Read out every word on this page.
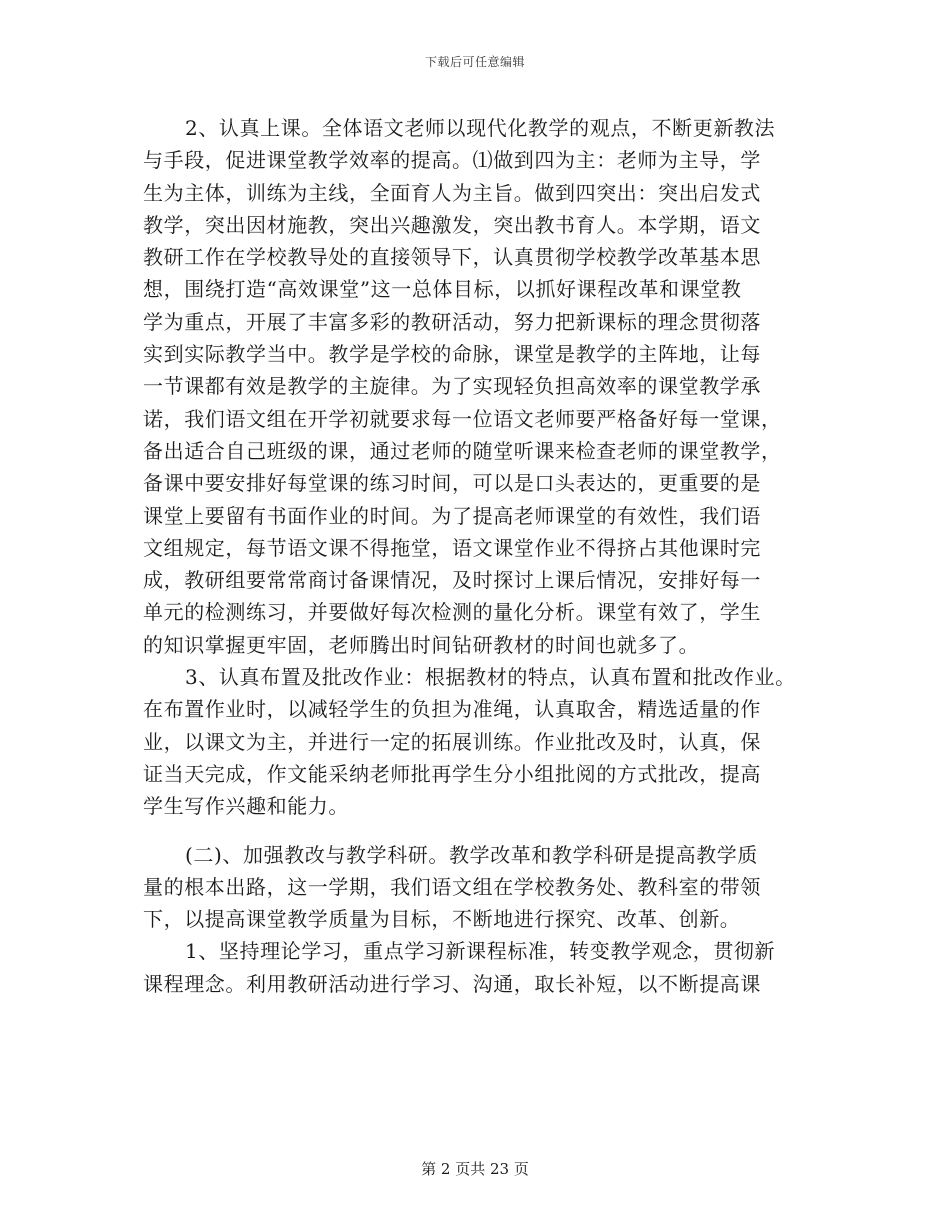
下载后可任意编辑
2、认真上课。全体语文老师以现代化教学的观点，不断更新教法
与手段，促进课堂教学效率的提高。⑴做到四为主：老师为主导，学
生为主体，训练为主线，全面育人为主旨。做到四突出：突出启发式
教学，突出因材施教，突出兴趣激发，突出教书育人。本学期，语文
教研工作在学校教导处的直接领导下，认真贯彻学校教学改革基本思
想，围绕打造“高效课堂”这一总体目标，以抓好课程改革和课堂教
学为重点，开展了丰富多彩的教研活动，努力把新课标的理念贯彻落
实到实际教学当中。教学是学校的命脉，课堂是教学的主阵地，让每
一节课都有效是教学的主旋律。为了实现轻负担高效率的课堂教学承
诺，我们语文组在开学初就要求每一位语文老师要严格备好每一堂课，
备出适合自己班级的课，通过老师的随堂听课来检查老师的课堂教学，
备课中要安排好每堂课的练习时间，可以是口头表达的，更重要的是
课堂上要留有书面作业的时间。为了提高老师课堂的有效性，我们语
文组规定，每节语文课不得拖堂，语文课堂作业不得挤占其他课时完
成，教研组要常常商讨备课情况，及时探讨上课后情况，安排好每一
单元的检测练习，并要做好每次检测的量化分析。课堂有效了，学生
的知识掌握更牢固，老师腾出时间钻研教材的时间也就多了。
3、认真布置及批改作业：根据教材的特点，认真布置和批改作业。
在布置作业时，以减轻学生的负担为准绳，认真取舍，精选适量的作
业，以课文为主，并进行一定的拓展训练。作业批改及时，认真，保
证当天完成，作文能采纳老师批再学生分小组批阅的方式批改，提高
学生写作兴趣和能力。
(二)、加强教改与教学科研。教学改革和教学科研是提高教学质
量的根本出路，这一学期，我们语文组在学校教务处、教科室的带领
下，以提高课堂教学质量为目标，不断地进行探究、改革、创新。
1、坚持理论学习，重点学习新课程标准，转变教学观念，贯彻新
课程理念。利用教研活动进行学习、沟通，取长补短，以不断提高课
第 2 页共 23 页
